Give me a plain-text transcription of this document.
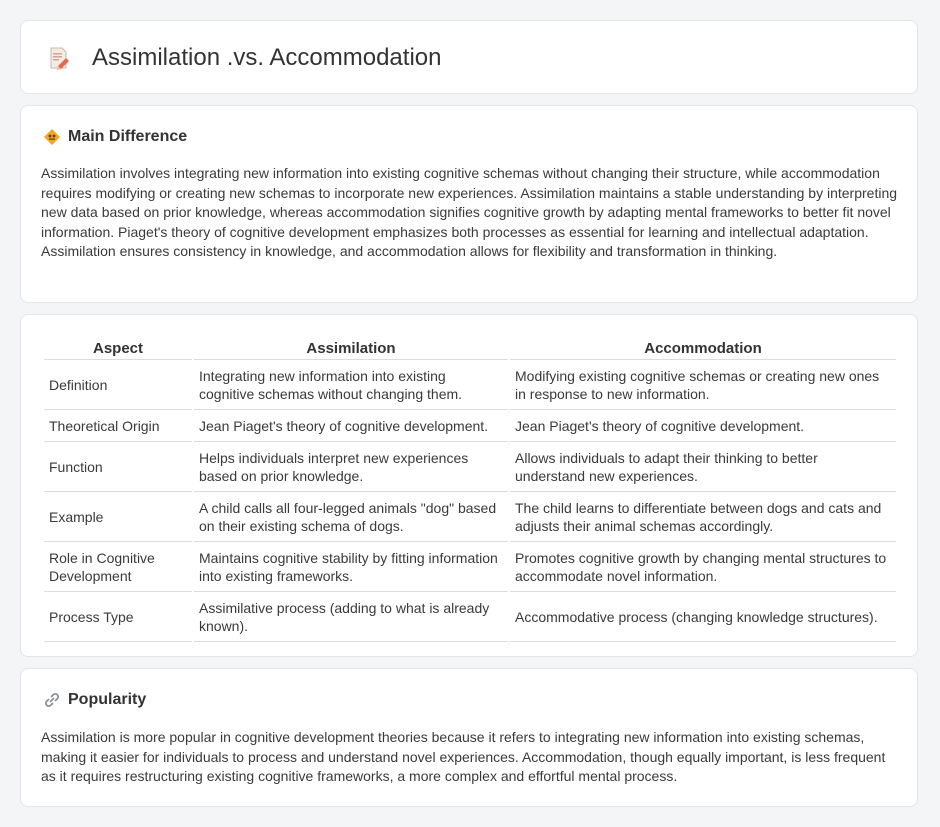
Assimilation .vs. Accommodation
Main Difference

Assimilation involves integrating new information into existing cognitive schemas without changing their structure, while accommodation requires modifying or creating new schemas to incorporate new experiences. Assimilation maintains a stable understanding by interpreting new data based on prior knowledge, whereas accommodation signifies cognitive growth by adapting mental frameworks to better fit novel information. Piaget's theory of cognitive development emphasizes both processes as essential for learning and intellectual adaptation. Assimilation ensures consistency in knowledge, and accommodation allows for flexibility and transformation in thinking.

Aspect	Assimilation	Accommodation
Definition	Integrating new information into existing cognitive schemas without changing them.	Modifying existing cognitive schemas or creating new ones in response to new information.
Theoretical Origin	Jean Piaget's theory of cognitive development.	Jean Piaget's theory of cognitive development.
Function	Helps individuals interpret new experiences based on prior knowledge.	Allows individuals to adapt their thinking to better understand new experiences.
Example	A child calls all four-legged animals "dog" based on their existing schema of dogs.	The child learns to differentiate between dogs and cats and adjusts their animal schemas accordingly.
Role in Cognitive Development	Maintains cognitive stability by fitting information into existing frameworks.	Promotes cognitive growth by changing mental structures to accommodate novel information.
Process Type	Assimilative process (adding to what is already known).	Accommodative process (changing knowledge structures).
Popularity

Assimilation is more popular in cognitive development theories because it refers to integrating new information into existing schemas, making it easier for individuals to process and understand novel experiences. Accommodation, though equally important, is less frequent as it requires restructuring existing cognitive frameworks, a more complex and effortful mental process.
